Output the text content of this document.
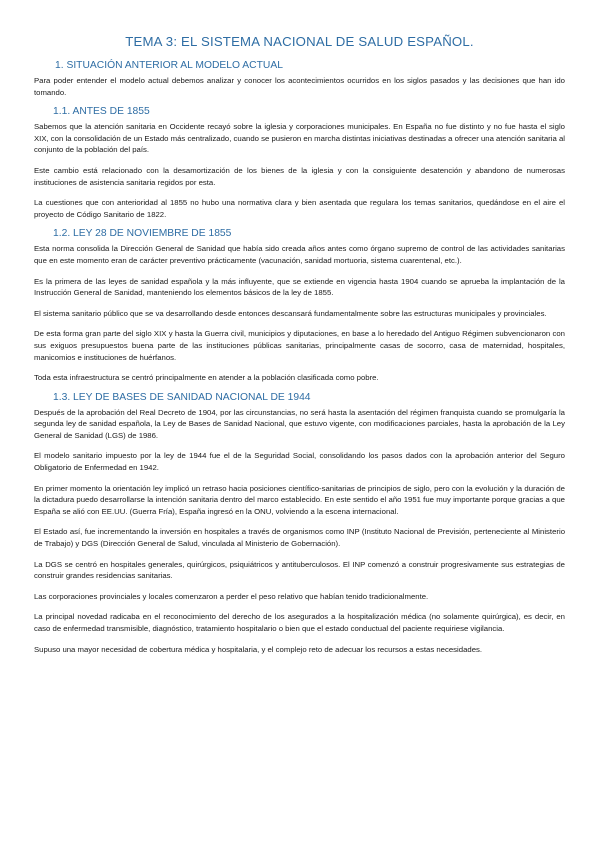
TEMA 3: EL SISTEMA NACIONAL DE SALUD ESPAÑOL.
1. SITUACIÓN ANTERIOR AL MODELO ACTUAL

Para poder entender el modelo actual debemos analizar y conocer los acontecimientos ocurridos en los siglos pasados y las decisiones que han ido tomando.

1.1. ANTES DE 1855

Sabemos que la atención sanitaria en Occidente recayó sobre la iglesia y corporaciones municipales. En España no fue distinto y no fue hasta el siglo XIX, con la consolidación de un Estado más centralizado, cuando se pusieron en marcha distintas iniciativas destinadas a ofrecer una atención sanitaria al conjunto de la población del país.

Este cambio está relacionado con la desamortización de los bienes de la iglesia y con la consiguiente desatención y abandono de numerosas instituciones de asistencia sanitaria regidos por esta.

La cuestiones que con anterioridad al 1855 no hubo una normativa clara y bien asentada que regulara los temas sanitarios, quedándose en el aire el proyecto de Código Sanitario de 1822.

1.2. LEY 28 DE NOVIEMBRE DE 1855

Esta norma consolida la Dirección General de Sanidad que había sido creada años antes como órgano supremo de control de las actividades sanitarias que en este momento eran de carácter preventivo prácticamente (vacunación, sanidad mortuoria, sistema cuarentenal, etc.).

Es la primera de las leyes de sanidad española y la más influyente, que se extiende en vigencia hasta 1904 cuando se aprueba la implantación de la Instrucción General de Sanidad, manteniendo los elementos básicos de la ley de 1855.

El sistema sanitario público que se va desarrollando desde entonces descansará fundamentalmente sobre las estructuras municipales y provinciales.

De esta forma gran parte del siglo XIX y hasta la Guerra civil, municipios y diputaciones, en base a lo heredado del Antiguo Régimen subvencionaron con sus exiguos presupuestos buena parte de las instituciones públicas sanitarias, principalmente casas de socorro, casa de maternidad, hospitales, manicomios e instituciones de huérfanos.

Toda esta infraestructura se centró principalmente en atender a la población clasificada como pobre.

1.3. LEY DE BASES DE SANIDAD NACIONAL DE 1944

Después de la aprobación del Real Decreto de 1904, por las circunstancias, no será hasta la asentación del régimen franquista cuando se promulgaría la segunda ley de sanidad española, la Ley de Bases de Sanidad Nacional, que estuvo vigente, con modificaciones parciales, hasta la aprobación de la Ley General de Sanidad (LGS) de 1986.

El modelo sanitario impuesto por la ley de 1944 fue el de la Seguridad Social, consolidando los pasos dados con la aprobación anterior del Seguro Obligatorio de Enfermedad en 1942.

En primer momento la orientación ley implicó un retraso hacia posiciones científico-sanitarias de principios de siglo, pero con la evolución y la duración de la dictadura puedo desarrollarse la intención sanitaria dentro del marco establecido. En este sentido el año 1951 fue muy importante porque gracias a que España se alió con EE.UU. (Guerra Fría), España ingresó en la ONU, volviendo a la escena internacional.

El Estado así, fue incrementando la inversión en hospitales a través de organismos como INP (Instituto Nacional de Previsión, perteneciente al Ministerio de Trabajo) y DGS (Dirección General de Salud, vinculada al Ministerio de Gobernación).

La DGS se centró en hospitales generales, quirúrgicos, psiquiátricos y antituberculosos. El INP comenzó a construir progresivamente sus estrategias de construir grandes residencias sanitarias.

Las corporaciones provinciales y locales comenzaron a perder el peso relativo que habían tenido tradicionalmente.

La principal novedad radicaba en el reconocimiento del derecho de los asegurados a la hospitalización médica (no solamente quirúrgica), es decir, en caso de enfermedad transmisible, diagnóstico, tratamiento hospitalario o bien que el estado conductual del paciente requiriese vigilancia.

Supuso una mayor necesidad de cobertura médica y hospitalaria, y el complejo reto de adecuar los recursos a estas necesidades.
